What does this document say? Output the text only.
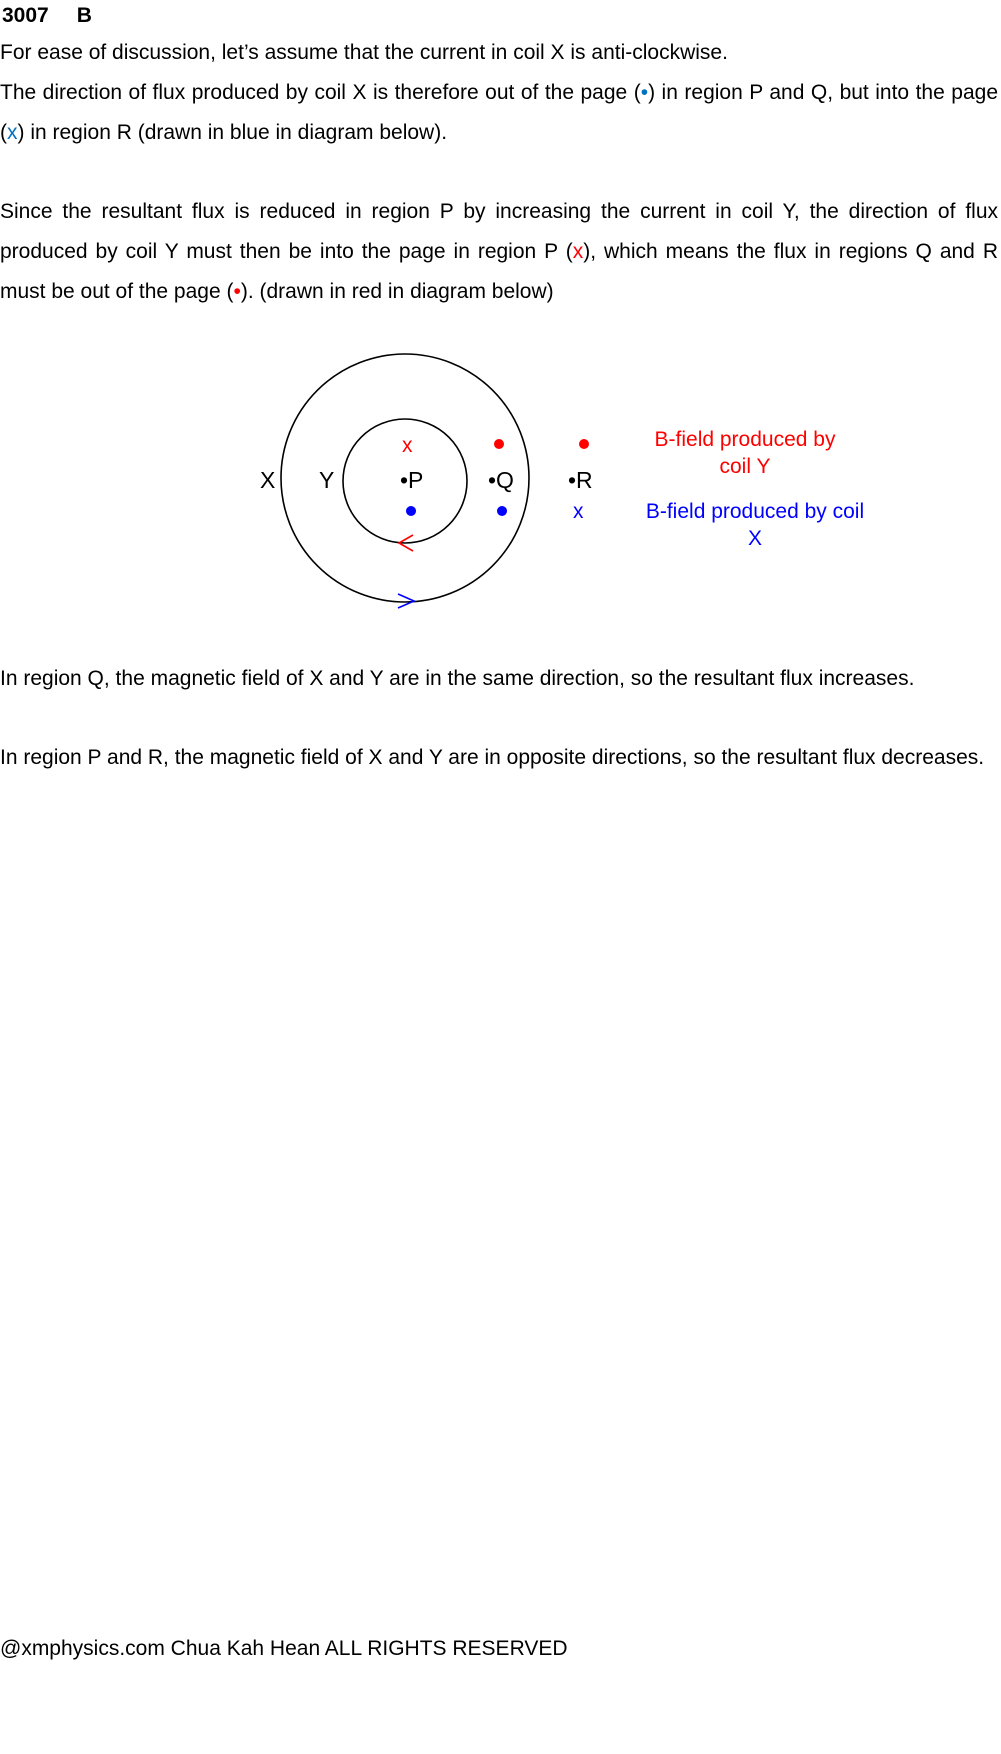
3007 B

For ease of discussion, let’s assume that the current in coil X is anti-clockwise.

The direction of flux produced by coil X is therefore out of the page (•) in region P and Q, but into the page (x) in region R (drawn in blue in diagram below).

Since the resultant flux is reduced in region P by increasing the current in coil Y, the direction of flux produced by coil Y must then be into the page in region P (x), which means the flux in regions Q and R must be out of the page (•). (drawn in red in diagram below)

X Y
x
•P	•Q •R
x
B-field produced by
coil Y
B-field produced by coil
X

In region Q, the magnetic field of X and Y are in the same direction, so the resultant flux increases.

In region P and R, the magnetic field of X and Y are in opposite directions, so the resultant flux decreases.

@xmphysics.com Chua Kah Hean ALL RIGHTS RESERVED
